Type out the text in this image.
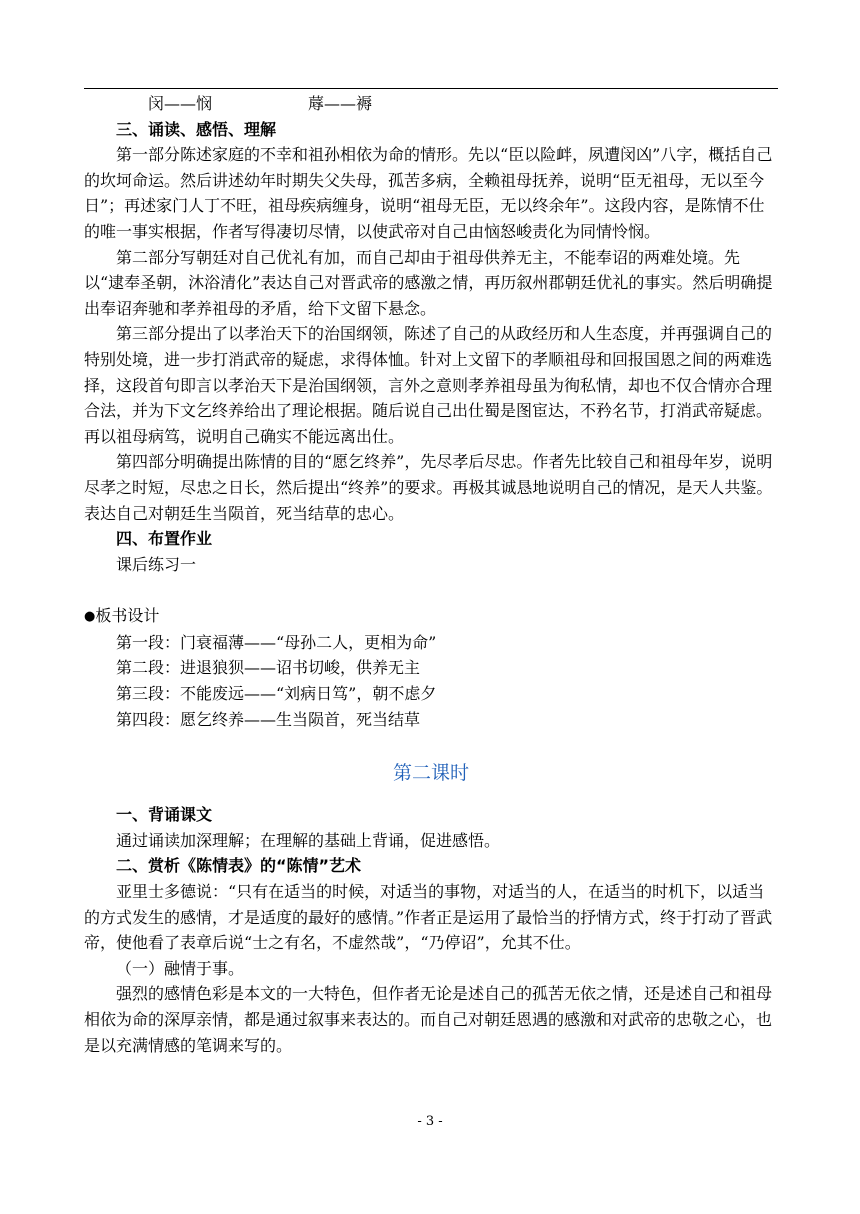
闵——悯	蓐——褥

三、诵读、感悟、理解

第一部分陈述家庭的不幸和祖孙相依为命的情形。先以“臣以险衅，夙遭闵凶”八字，概括自己的坎坷命运。然后讲述幼年时期失父失母，孤苦多病，全赖祖母抚养，说明“臣无祖母，无以至今日”；再述家门人丁不旺，祖母疾病缠身，说明“祖母无臣，无以终余年”。这段内容，是陈情不仕的唯一事实根据，作者写得凄切尽情，以使武帝对自己由恼怒峻责化为同情怜悯。

第二部分写朝廷对自己优礼有加，而自己却由于祖母供养无主，不能奉诏的两难处境。先以“逮奉圣朝，沐浴清化”表达自己对晋武帝的感激之情，再历叙州郡朝廷优礼的事实。然后明确提出奉诏奔驰和孝养祖母的矛盾，给下文留下悬念。

第三部分提出了以孝治天下的治国纲领，陈述了自己的从政经历和人生态度，并再强调自己的特别处境，进一步打消武帝的疑虑，求得体恤。针对上文留下的孝顺祖母和回报国恩之间的两难选择，这段首句即言以孝治天下是治国纲领，言外之意则孝养祖母虽为徇私情，却也不仅合情亦合理合法，并为下文乞终养给出了理论根据。随后说自己出仕蜀是图宦达，不矜名节，打消武帝疑虑。再以祖母病笃，说明自己确实不能远离出仕。

第四部分明确提出陈情的目的“愿乞终养”，先尽孝后尽忠。作者先比较自己和祖母年岁，说明尽孝之时短，尽忠之日长，然后提出“终养”的要求。再极其诚恳地说明自己的情况，是天人共鉴。表达自己对朝廷生当陨首，死当结草的忠心。

四、布置作业

课后练习一

●板书设计

第一段：门衰福薄——“母孙二人，更相为命”

第二段：进退狼狈——诏书切峻，供养无主

第三段：不能废远——“刘病日笃”，朝不虑夕

第四段：愿乞终养——生当陨首，死当结草

第二课时

一、背诵课文

通过诵读加深理解；在理解的基础上背诵，促进感悟。

二、赏析《陈情表》的“陈情”艺术

亚里士多德说：“只有在适当的时候，对适当的事物，对适当的人，在适当的时机下，以适当的方式发生的感情，才是适度的最好的感情。”作者正是运用了最恰当的抒情方式，终于打动了晋武帝，使他看了表章后说“士之有名，不虚然哉”，“乃停诏”，允其不仕。

（一）融情于事。

强烈的感情色彩是本文的一大特色，但作者无论是述自己的孤苦无依之情，还是述自己和祖母相依为命的深厚亲情，都是通过叙事来表达的。而自己对朝廷恩遇的感激和对武帝的忠敬之心，也是以充满情感的笔调来写的。

- 3 -
